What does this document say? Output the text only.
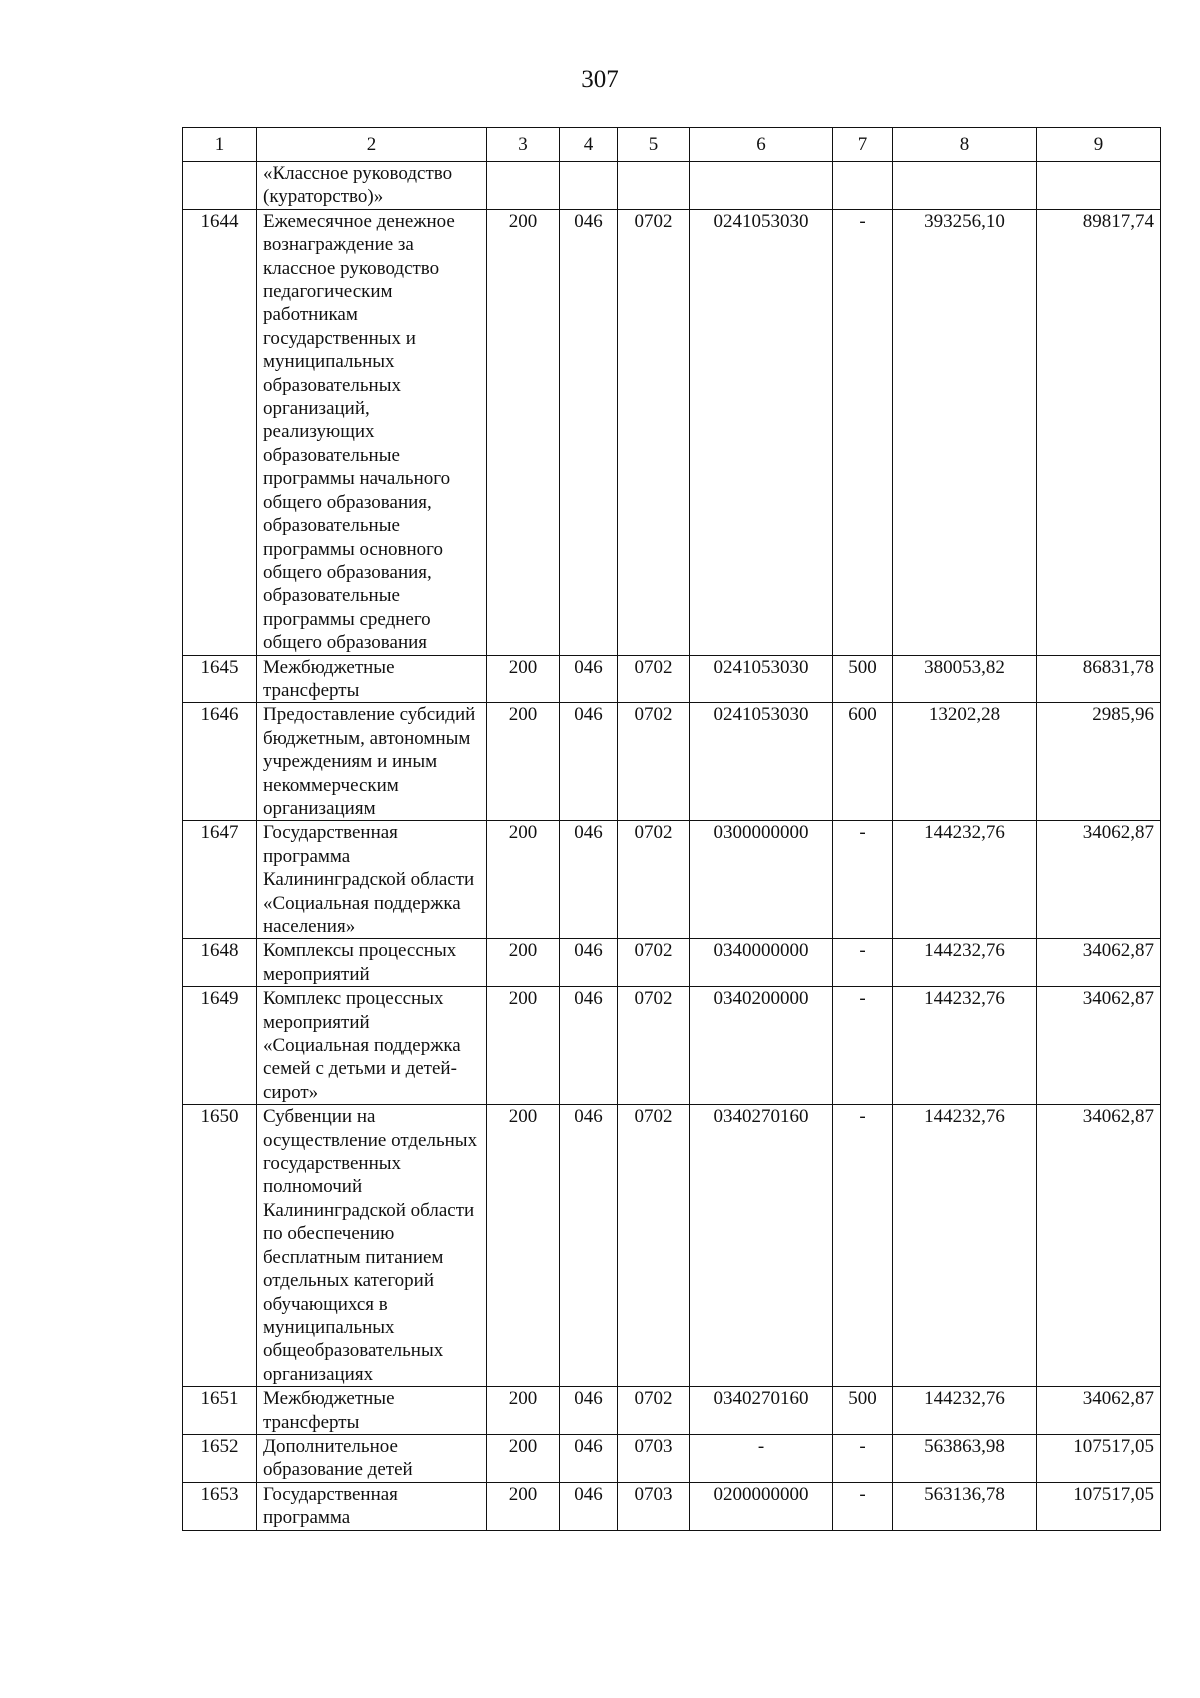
307
1	2	3	4	5	6	7	8	9
	«Классное руководство (кураторство)»							
1644	Ежемесячное денежное вознаграждение за классное руководство педагогическим работникам государственных и муниципальных образовательных организаций, реализующих образовательные программы начального общего образования, образовательные программы основного общего образования, образовательные программы среднего общего образования	200	046	0702	0241053030	-	393256,10	89817,74
1645	Межбюджетные трансферты	200	046	0702	0241053030	500	380053,82	86831,78
1646	Предоставление субсидий бюджетным, автономным учреждениям и иным некоммерческим организациям	200	046	0702	0241053030	600	13202,28	2985,96
1647	Государственная программа Калининградской области «Социальная поддержка населения»	200	046	0702	0300000000	-	144232,76	34062,87
1648	Комплексы процессных мероприятий	200	046	0702	0340000000	-	144232,76	34062,87
1649	Комплекс процессных мероприятий «Социальная поддержка семей с детьми и детей-сирот»	200	046	0702	0340200000	-	144232,76	34062,87
1650	Субвенции на осуществление отдельных государственных полномочий Калининградской области по обеспечению бесплатным питанием отдельных категорий обучающихся в муниципальных общеобразовательных организациях	200	046	0702	0340270160	-	144232,76	34062,87
1651	Межбюджетные трансферты	200	046	0702	0340270160	500	144232,76	34062,87
1652	Дополнительное образование детей	200	046	0703	-	-	563863,98	107517,05
1653	Государственная программа	200	046	0703	0200000000	-	563136,78	107517,05
